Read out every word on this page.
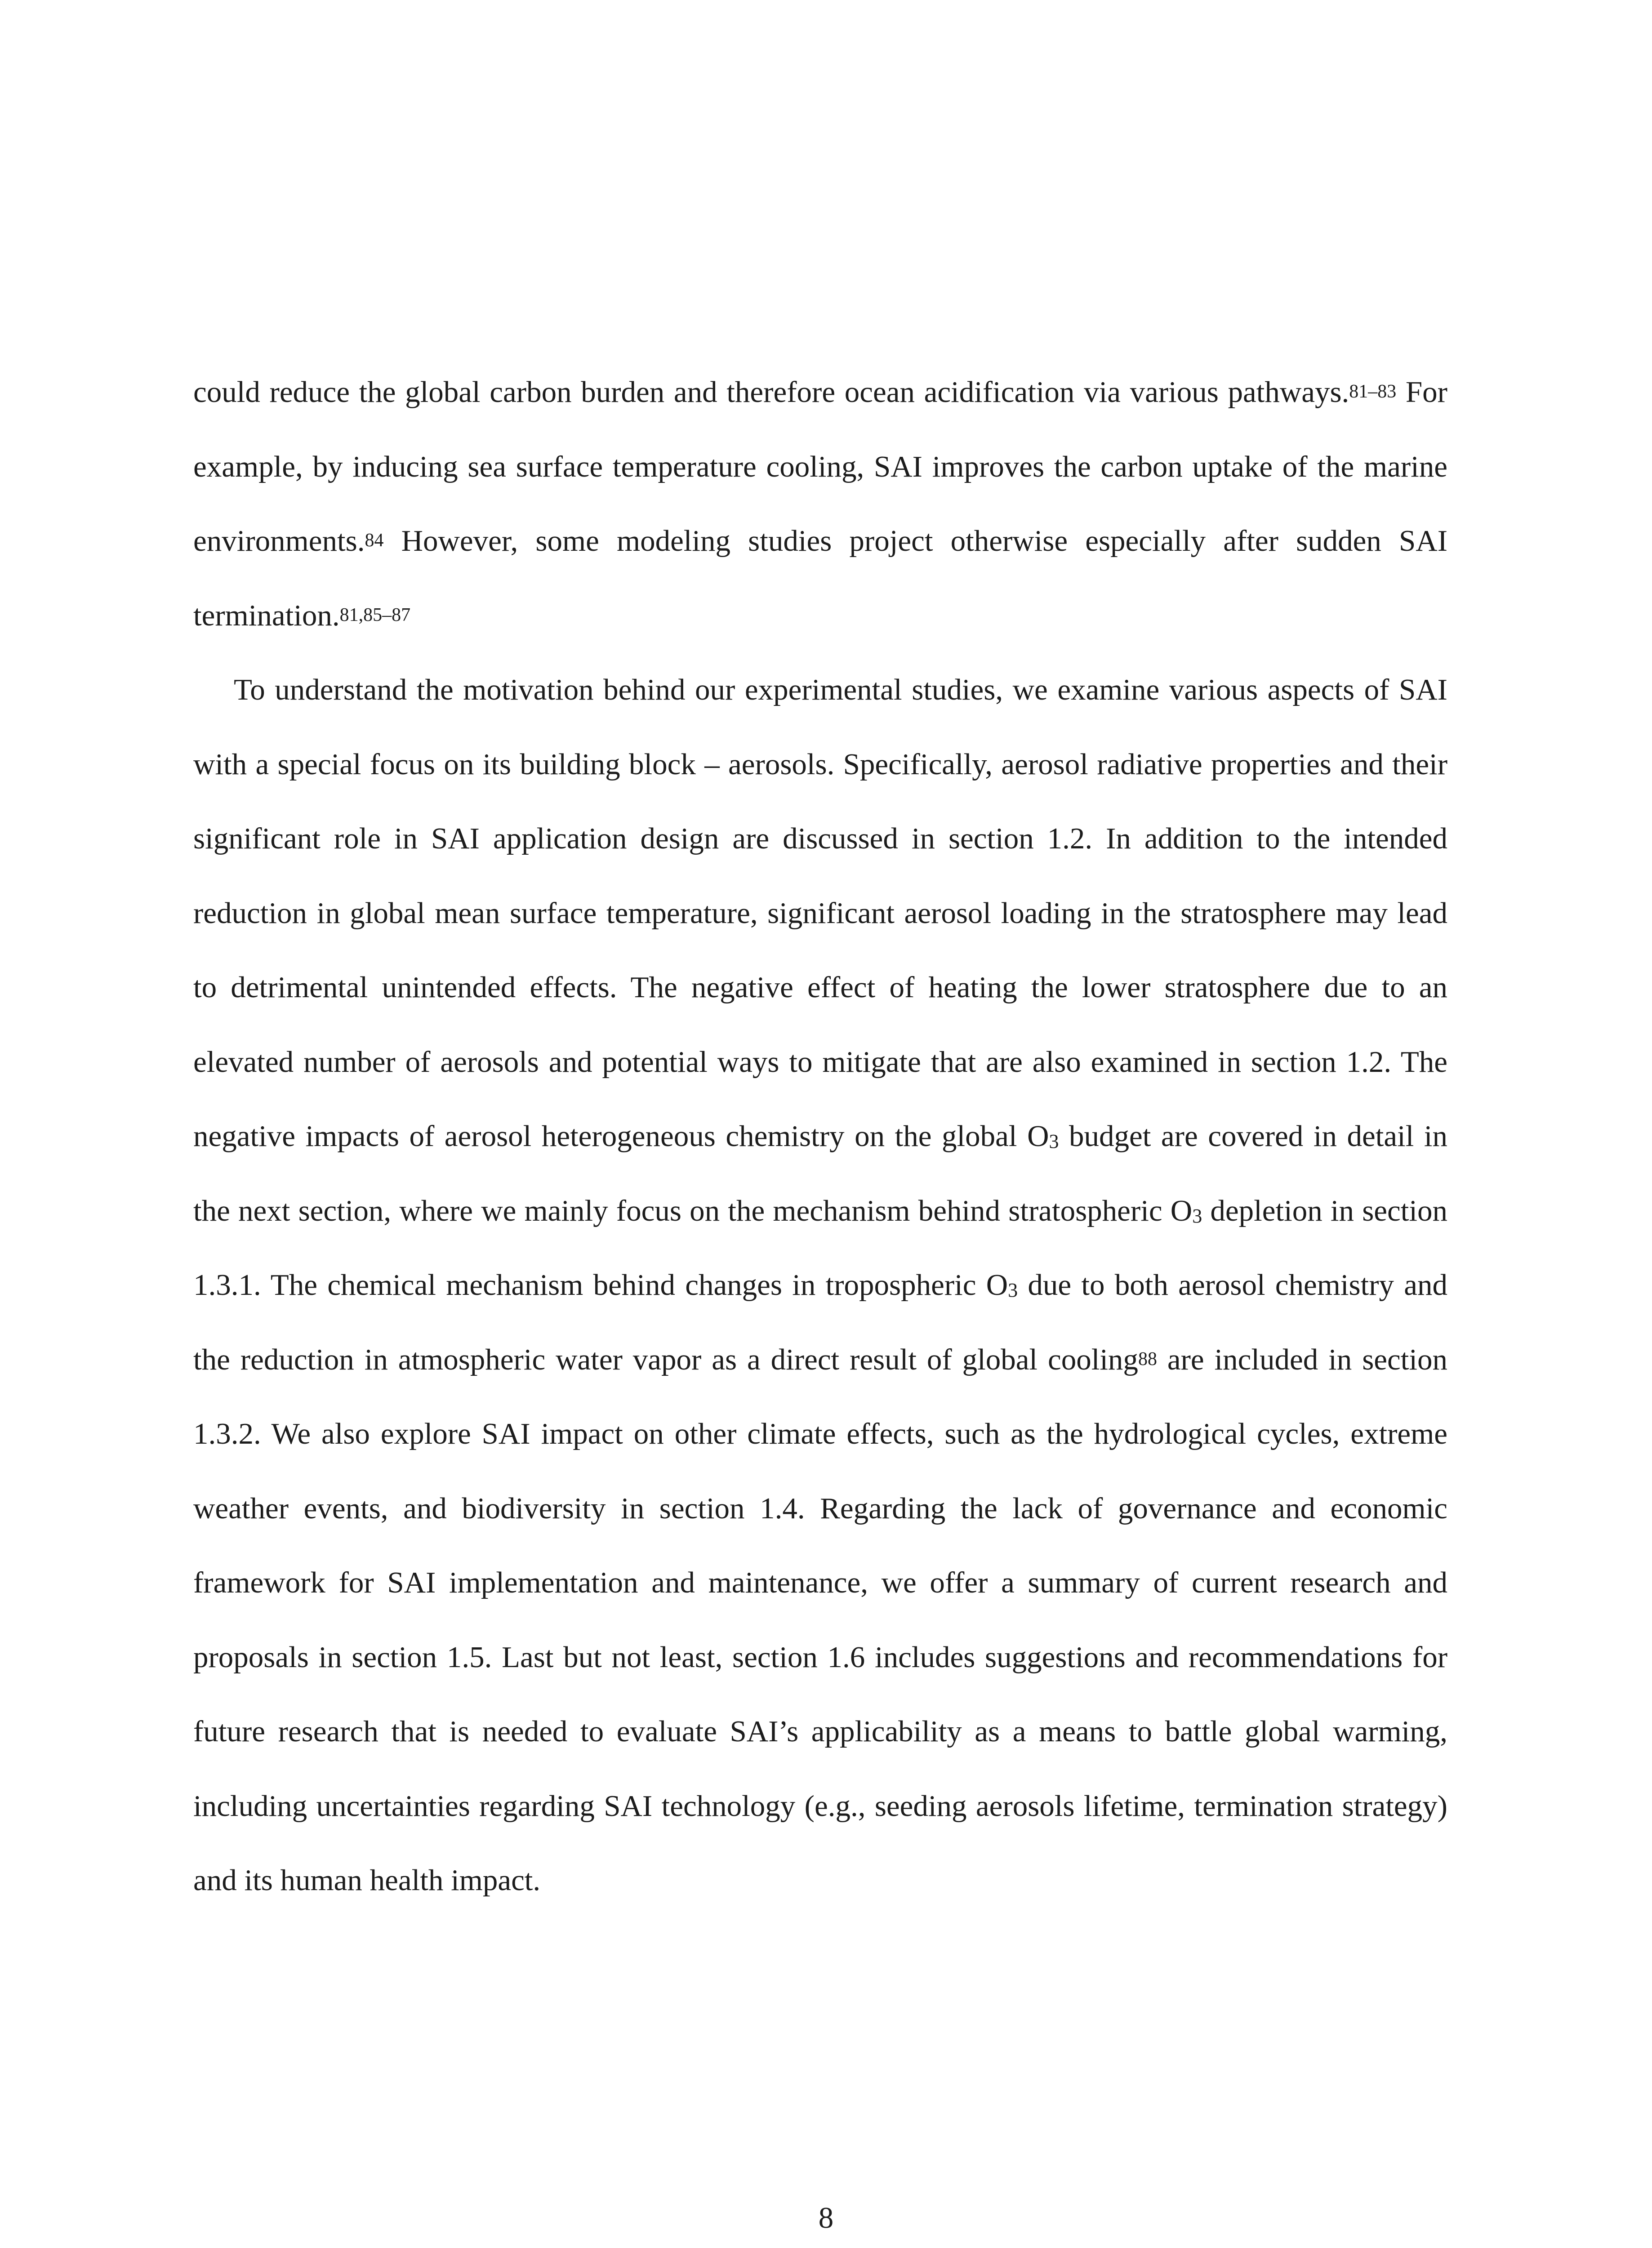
could reduce the global carbon burden and therefore ocean acidification via various pathways.$^{81-83}$ For example, by inducing sea surface temperature cooling, SAI improves the carbon uptake of the marine environments.$^{84}$ However, some modeling studies project otherwise especially after sudden SAI termination.$^{81,85-87}$

To understand the motivation behind our experimental studies, we examine various aspects of SAI with a special focus on its building block – aerosols. Specifically, aerosol radiative properties and their significant role in SAI application design are discussed in section 1.2. In addition to the intended reduction in global mean surface temperature, significant aerosol loading in the stratosphere may lead to detrimental unintended effects. The negative effect of heating the lower stratosphere due to an elevated number of aerosols and potential ways to mitigate that are also examined in section 1.2. The negative impacts of aerosol heterogeneous chemistry on the global $O_3$ budget are covered in detail in the next section, where we mainly focus on the mechanism behind stratospheric $O_3$ depletion in section 1.3.1. The chemical mechanism behind changes in tropospheric $O_3$ due to both aerosol chemistry and the reduction in atmospheric water vapor as a direct result of global cooling$^{88}$ are included in section 1.3.2. We also explore SAI impact on other climate effects, such as the hydrological cycles, extreme weather events, and biodiversity in section 1.4. Regarding the lack of governance and economic framework for SAI implementation and maintenance, we offer a summary of current research and proposals in section 1.5. Last but not least, section 1.6 includes suggestions and recommendations for future research that is needed to evaluate SAI’s applicability as a means to battle global warming, including uncertainties regarding SAI technology (e.g., seeding aerosols lifetime, termination strategy) and its human health impact.

8
